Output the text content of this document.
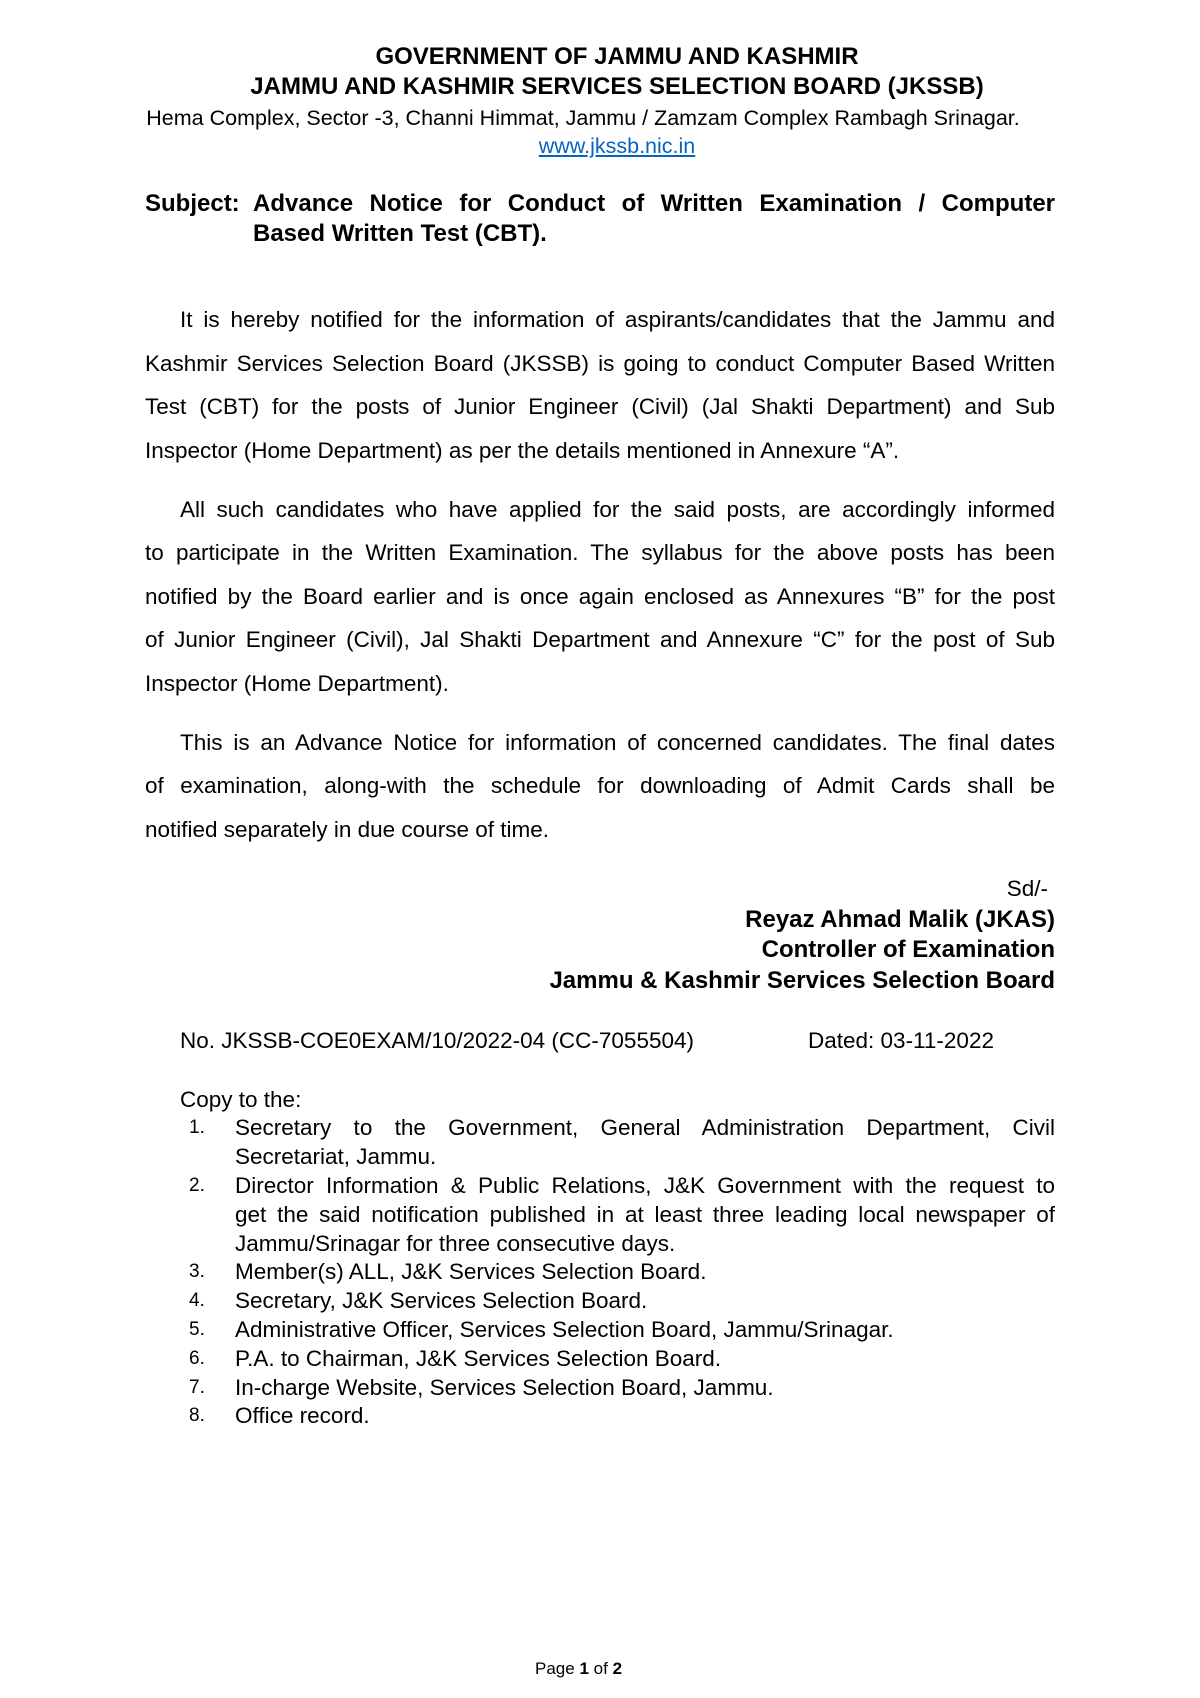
GOVERNMENT OF JAMMU AND KASHMIR
JAMMU AND KASHMIR SERVICES SELECTION BOARD (JKSSB)
Hema Complex, Sector -3, Channi Himmat, Jammu / Zamzam Complex Rambagh Srinagar.
www.jkssb.nic.in
Subject: Advance Notice for Conduct of Written Examination / Computer
Based Written Test (CBT).
It is hereby notified for the information of aspirants/candidates that the Jammu and
Kashmir Services Selection Board (JKSSB) is going to conduct Computer Based Written
Test (CBT) for the posts of Junior Engineer (Civil) (Jal Shakti Department) and Sub
Inspector (Home Department) as per the details mentioned in Annexure “A”.
All such candidates who have applied for the said posts, are accordingly informed
to participate in the Written Examination. The syllabus for the above posts has been
notified by the Board earlier and is once again enclosed as Annexures “B” for the post
of Junior Engineer (Civil), Jal Shakti Department and Annexure “C” for the post of Sub
Inspector (Home Department).
This is an Advance Notice for information of concerned candidates. The final dates
of examination, along-with the schedule for downloading of Admit Cards shall be
notified separately in due course of time.
Sd/-
Reyaz Ahmad Malik (JKAS)
Controller of Examination
Jammu & Kashmir Services Selection Board
No. JKSSB-COE0EXAM/10/2022-04 (CC-7055504)	Dated: 03-11-2022
Copy to the:
1.	Secretary to the Government, General Administration Department, Civil
Secretariat, Jammu.
2.	Director Information & Public Relations, J&K Government with the request to
get the said notification published in at least three leading local newspaper of
Jammu/Srinagar for three consecutive days.
3.	Member(s) ALL, J&K Services Selection Board.
4.	Secretary, J&K Services Selection Board.
5.	Administrative Officer, Services Selection Board, Jammu/Srinagar.
6.	P.A. to Chairman, J&K Services Selection Board.
7.	In-charge Website, Services Selection Board, Jammu.
8.	Office record.
Page 1 of 2
